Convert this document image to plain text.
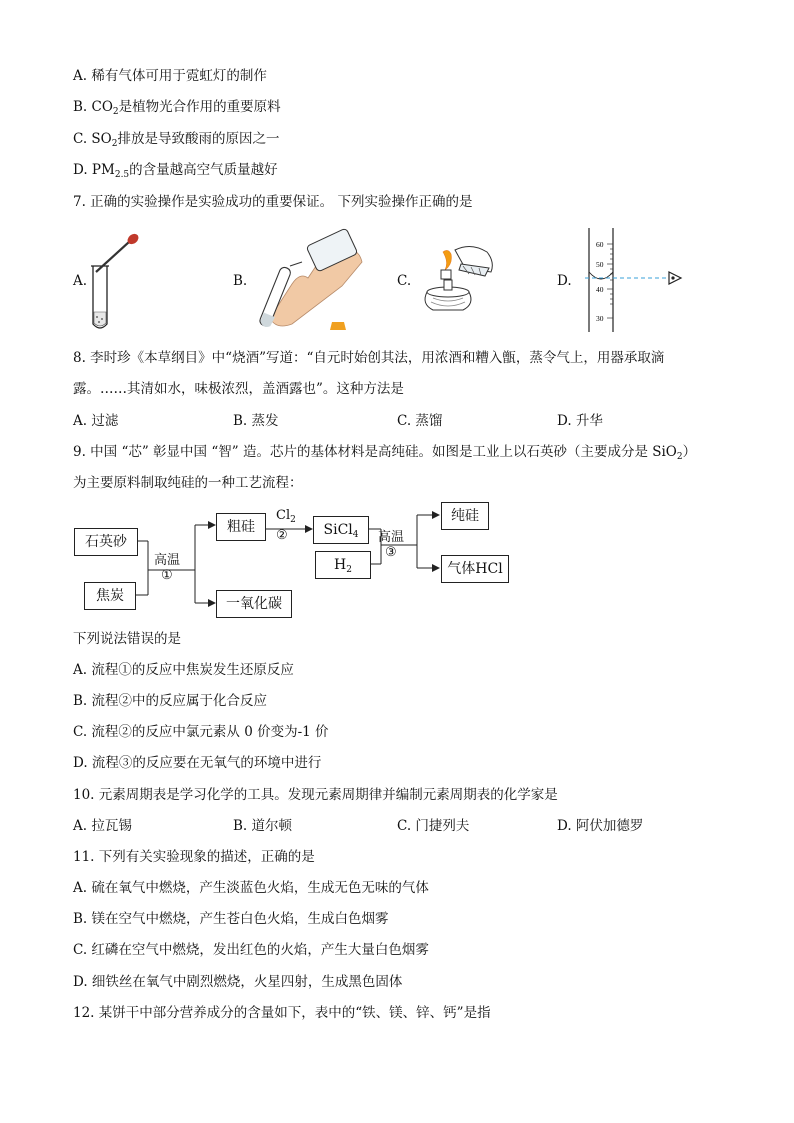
A. 稀有气体可用于霓虹灯的制作
B. $CO_2$是植物光合作用的重要原料
C. $SO_2$排放是导致酸雨的原因之一
D. $PM_{2.5}$的含量越高空气质量越好
7. 正确的实验操作是实验成功的重要保证。 下列实验操作正确的是
A.	B.	C.	D.
60
50
40
30
8. 李时珍《本草纲目》中“烧酒”写道：“自元时始创其法，用浓酒和糟入甑，蒸令气上，用器承取滴
露。……其清如水，味极浓烈，盖酒露也”。这种方法是
A. 过滤	B. 蒸发	C. 蒸馏	D. 升华
9. 中国 “芯” 彰显中国 “智” 造。芯片的基体材料是高纯硅。如图是工业上以石英砂（主要成分是 SiO$_2$）
为主要原料制取纯硅的一种工艺流程：
石英砂
焦炭
高温
①
粗硅
一氧化碳
$Cl_2$
②	SiCl$_4$
$H_2$
高温
③
纯硅
气体HCl
下列说法错误的是
A. 流程①的反应中焦炭发生还原反应
B. 流程②中的反应属于化合反应
C. 流程②的反应中氯元素从 0 价变为-1 价
D. 流程③的反应要在无氧气的环境中进行
10. 元素周期表是学习化学的工具。发现元素周期律并编制元素周期表的化学家是
A. 拉瓦锡	B. 道尔顿	C. 门捷列夫	D. 阿伏加德罗
11. 下列有关实验现象的描述，正确的是
A. 硫在氧气中燃烧，产生淡蓝色火焰，生成无色无味的气体
B. 镁在空气中燃烧，产生苍白色火焰，生成白色烟雾
C. 红磷在空气中燃烧，发出红色的火焰，产生大量白色烟雾
D. 细铁丝在氧气中剧烈燃烧，火星四射，生成黑色固体
12. 某饼干中部分营养成分的含量如下，表中的“铁、镁、锌、钙”是指
